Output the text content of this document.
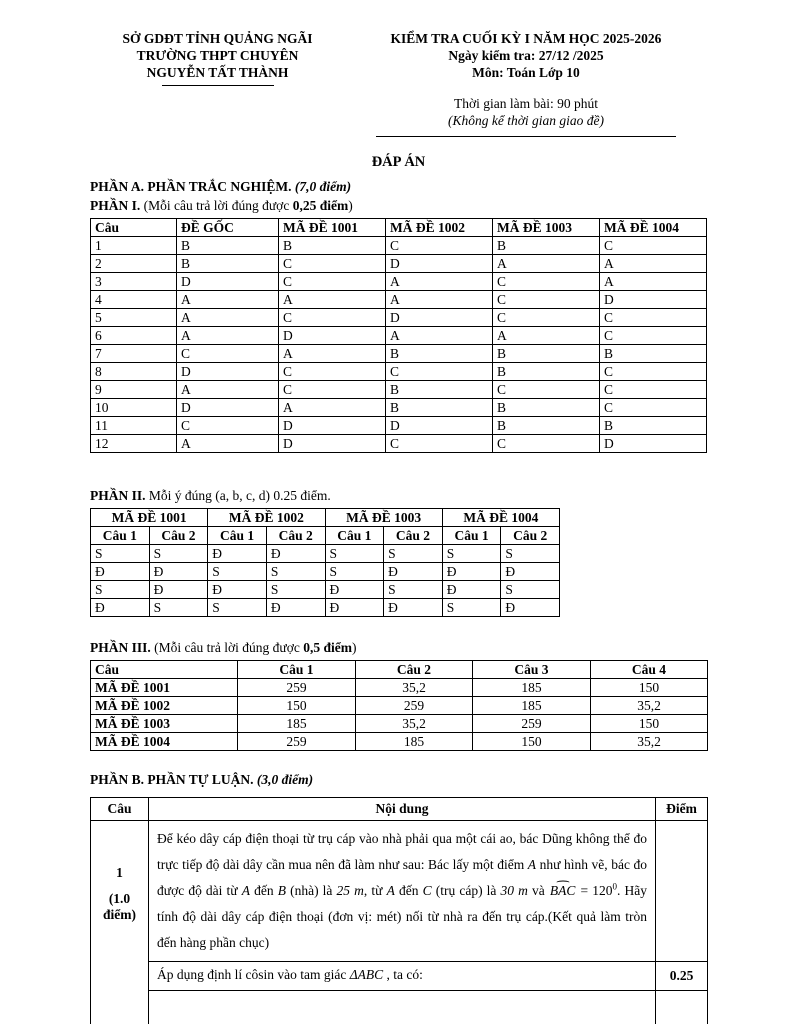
SỞ GDĐT TỈNH QUẢNG NGÃI
TRƯỜNG THPT CHUYÊN
NGUYỄN TẤT THÀNH
KIỂM TRA CUỐI KỲ I NĂM HỌC 2025-2026
Ngày kiểm tra: 27/12 /2025
Môn: Toán Lớp 10
Thời gian làm bài: 90 phút
(Không kể thời gian giao đề)
ĐÁP ÁN
PHẦN A. PHẦN TRẮC NGHIỆM. (7,0 điểm)
PHẦN I. (Mỗi câu trả lời đúng được 0,25 điểm)
Câu	ĐỀ GỐC	MÃ ĐỀ 1001	MÃ ĐỀ 1002	MÃ ĐỀ 1003	MÃ ĐỀ 1004
1	B	B	C	B	C
2	B	C	D	A	A
3	D	C	A	C	A
4	A	A	A	C	D
5	A	C	D	C	C
6	A	D	A	A	C
7	C	A	B	B	B
8	D	C	C	B	C
9	A	C	B	C	C
10	D	A	B	B	C
11	C	D	D	B	B
12	A	D	C	C	D
PHẦN II. Mỗi ý đúng (a, b, c, d) 0.25 điểm.
MÃ ĐỀ 1001		MÃ ĐỀ 1002		MÃ ĐỀ 1003		MÃ ĐỀ 1004	
Câu 1	Câu 2	Câu 1	Câu 2	Câu 1	Câu 2	Câu 1	Câu 2
S	S	Đ	Đ	S	S	S	S
Đ	Đ	S	S	S	Đ	Đ	Đ
S	Đ	Đ	S	Đ	S	Đ	S
Đ	S	S	Đ	Đ	Đ	S	Đ
PHẦN III. (Mỗi câu trả lời đúng được 0,5 điểm)
Câu	Câu 1	Câu 2	Câu 3	Câu 4
MÃ ĐỀ 1001	259	35,2	185	150
MÃ ĐỀ 1002	150	259	185	35,2
MÃ ĐỀ 1003	185	35,2	259	150
MÃ ĐỀ 1004	259	185	150	35,2
PHẦN B. PHẦN TỰ LUẬN. (3,0 điểm)
Câu	Nội dung	Điểm

1
(1.0 điểm)	Để kéo dây cáp điện thoại từ trụ cáp vào nhà phải qua một cái ao, bác Dũng không thể đo trực tiếp độ dài dây cần mua nên đã làm như sau: Bác lấy một điểm A như hình vẽ, bác đo được độ dài từ A đến B (nhà) là 25 m, từ A đến C (trụ cáp) là 30 m và ⌢ BAC = $120^0$. Hãy tính độ dài dây cáp điện thoại (đơn vị: mét) nối từ nhà ra đến trụ cáp.(Kết quả làm tròn đến hàng phần chục)	
	Áp dụng định lí côsin vào tam giác ΔABC , ta có:	0.25
